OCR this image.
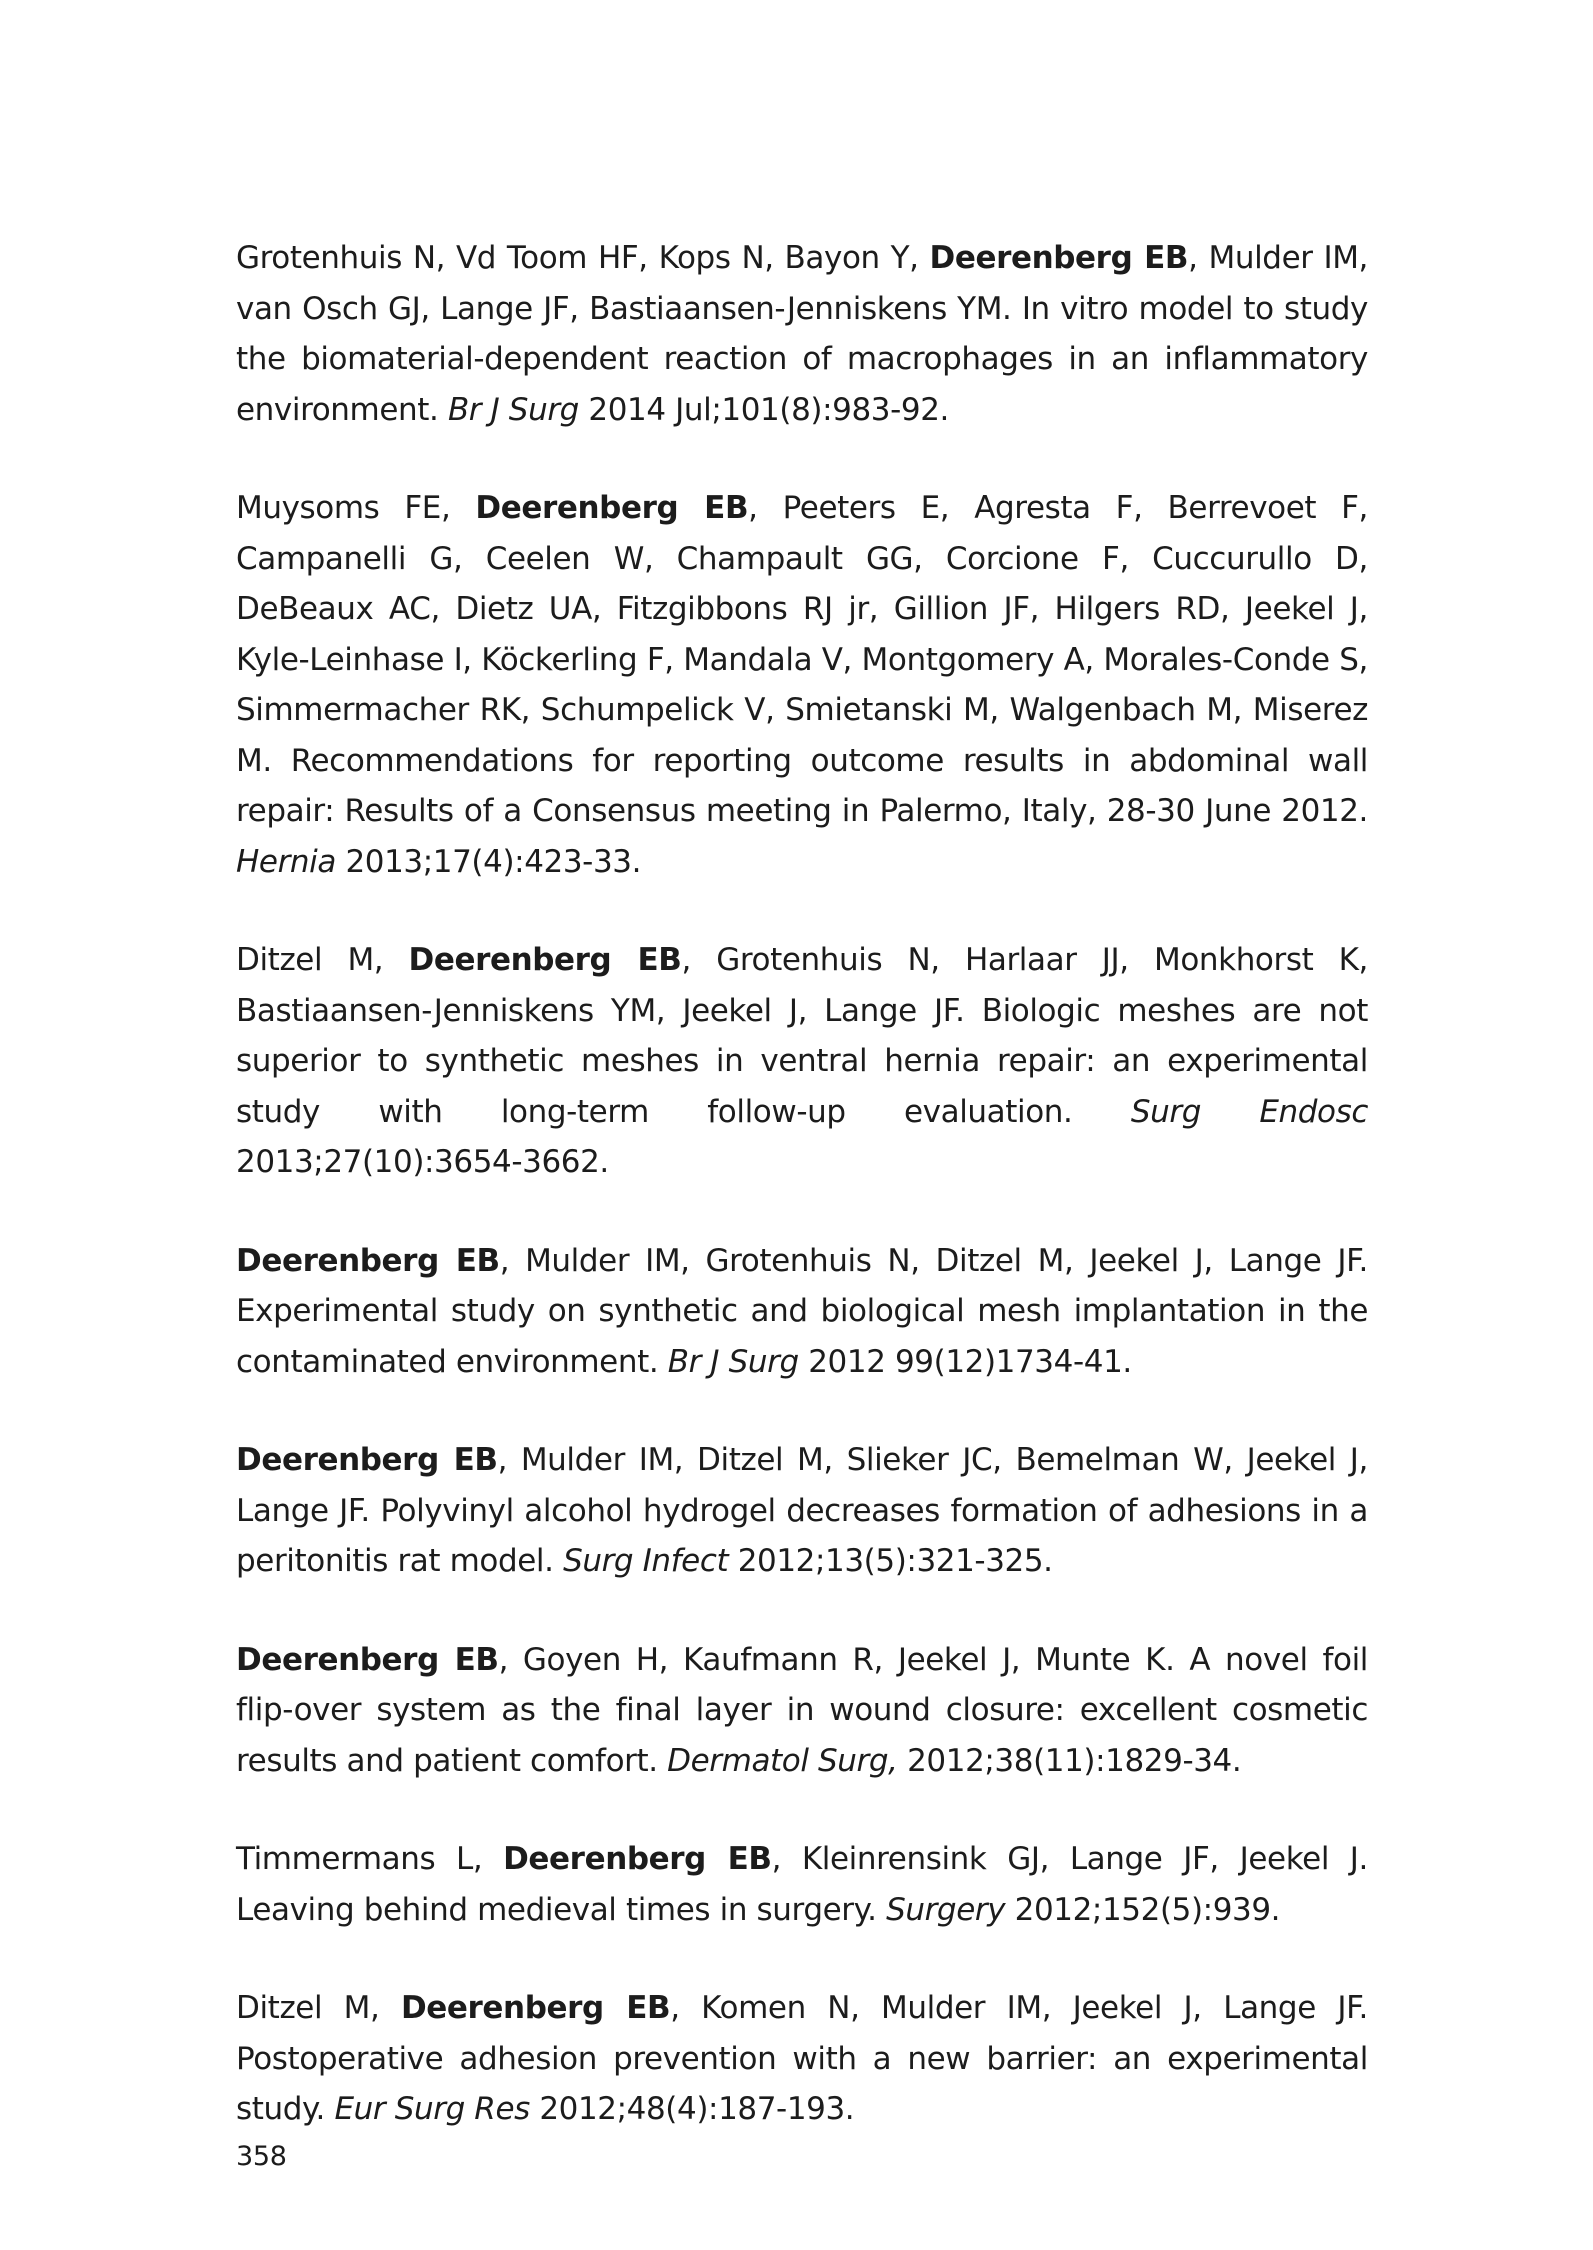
Grotenhuis N, Vd Toom HF, Kops N, Bayon Y, Deerenberg EB, Mulder IM, van Osch GJ, Lange JF, Bastiaansen-Jenniskens YM. In vitro model to study the biomaterial-dependent reaction of macrophages in an inflammatory environment. Br J Surg 2014 Jul;101(8):983-92.

Muysoms FE, Deerenberg EB, Peeters E, Agresta F, Berrevoet F, Campanelli G, Ceelen W, Champault GG, Corcione F, Cuccurullo D, DeBeaux AC, Dietz UA, Fitzgibbons RJ jr, Gillion JF, Hilgers RD, Jeekel J, Kyle-Leinhase I, Köckerling F, Mandala V, Montgomery A, Morales-Conde S, Simmermacher RK, Schumpelick V, Smietanski M, Walgenbach M, Miserez M. Recommendations for reporting outcome results in abdominal wall repair: Results of a Consensus meeting in Palermo, Italy, 28-30 June 2012. Hernia 2013;17(4):423-33.

Ditzel M, Deerenberg EB, Grotenhuis N, Harlaar JJ, Monkhorst K, Bastiaansen-Jenniskens YM, Jeekel J, Lange JF. Biologic meshes are not superior to synthetic meshes in ventral hernia repair: an experimental study with long-term follow-up evaluation. Surg Endosc 2013;27(10):3654-3662.

Deerenberg EB, Mulder IM, Grotenhuis N, Ditzel M, Jeekel J, Lange JF. Experimental study on synthetic and biological mesh implantation in the contaminated environment. Br J Surg 2012 99(12)1734-41.

Deerenberg EB, Mulder IM, Ditzel M, Slieker JC, Bemelman W, Jeekel J, Lange JF. Polyvinyl alcohol hydrogel decreases formation of adhesions in a peritonitis rat model. Surg Infect 2012;13(5):321-325.

Deerenberg EB, Goyen H, Kaufmann R, Jeekel J, Munte K. A novel foil flip-over system as the final layer in wound closure: excellent cosmetic results and patient comfort. Dermatol Surg, 2012;38(11):1829-34.

Timmermans L, Deerenberg EB, Kleinrensink GJ, Lange JF, Jeekel J. Leaving behind medieval times in surgery. Surgery 2012;152(5):939.

Ditzel M, Deerenberg EB, Komen N, Mulder IM, Jeekel J, Lange JF. Postoperative adhesion prevention with a new barrier: an experimental study. Eur Surg Res 2012;48(4):187-193.

358
